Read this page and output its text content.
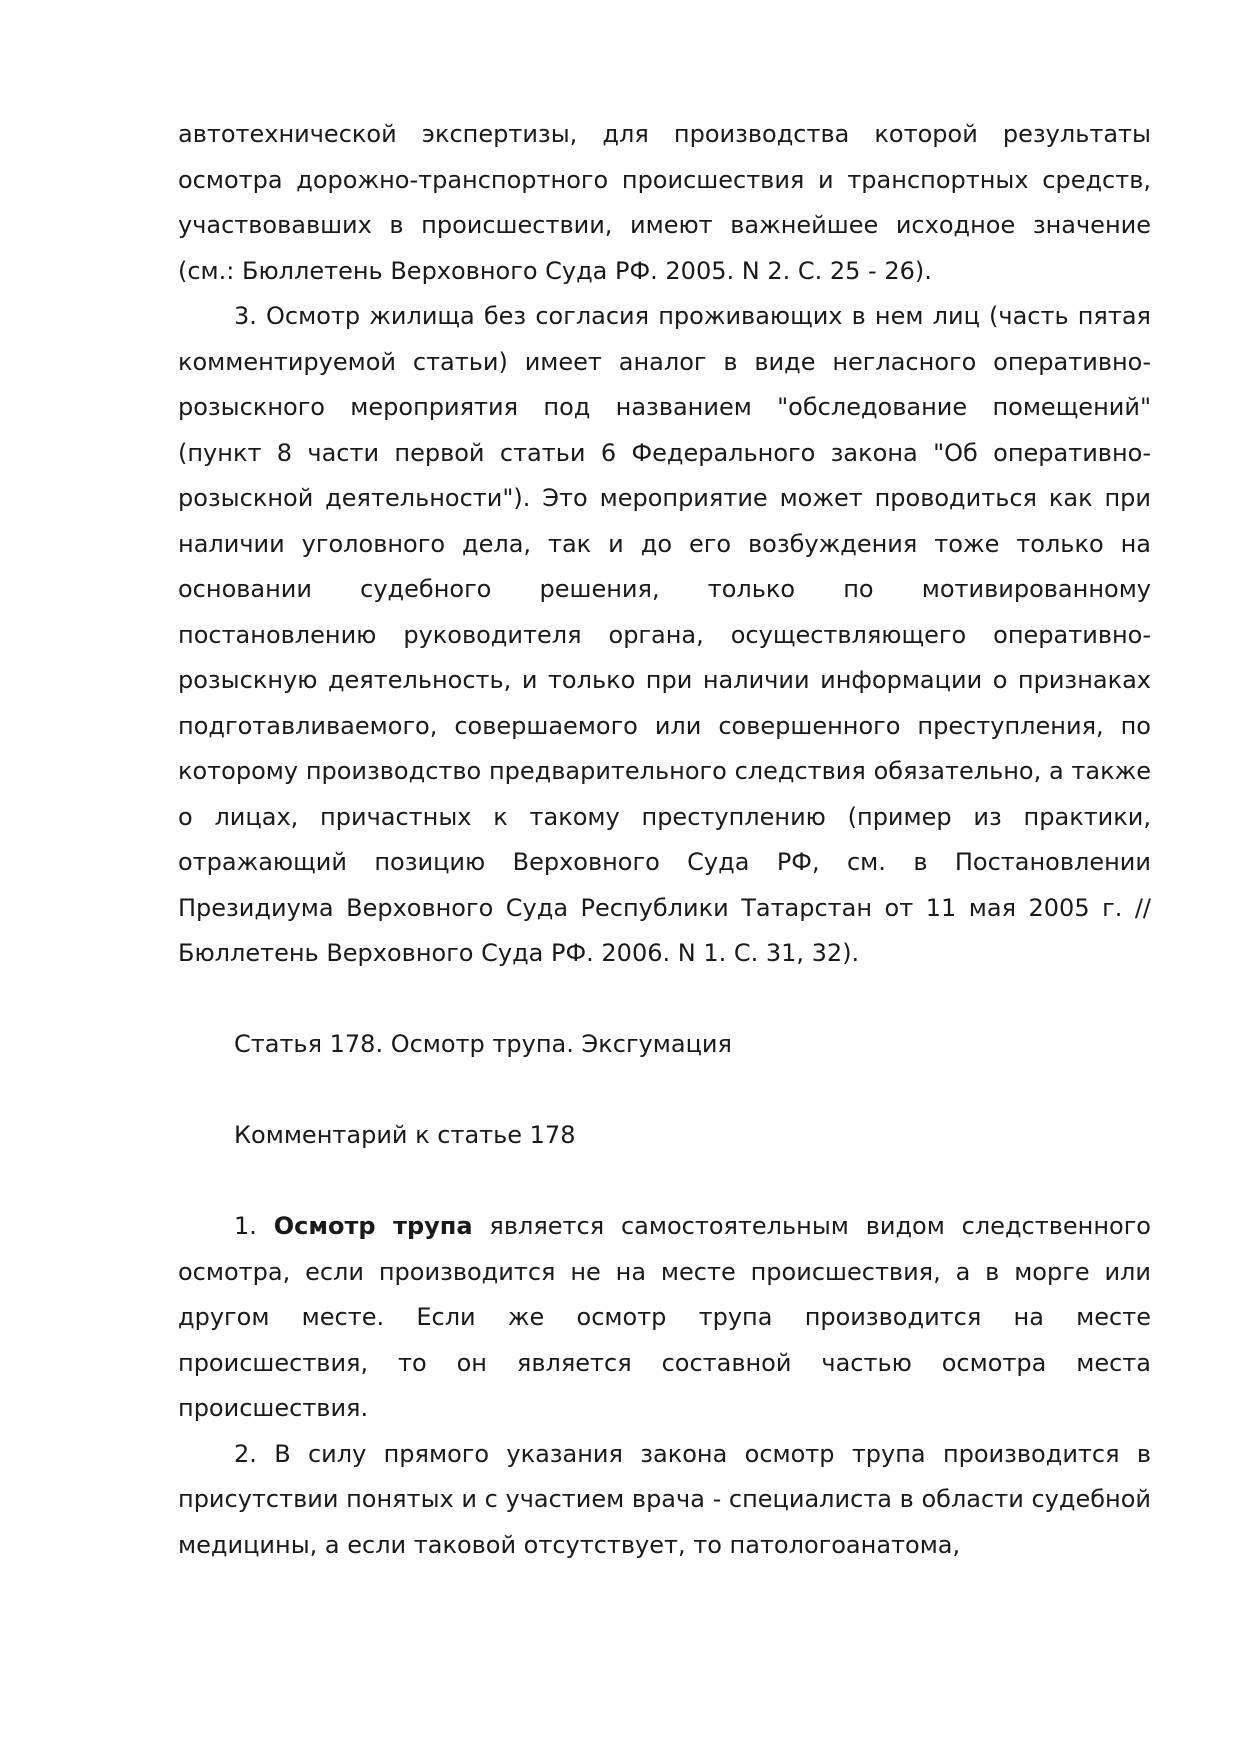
автотехнической экспертизы, для производства которой результаты осмотра дорожно-транспортного происшествия и транспортных средств, участвовавших в происшествии, имеют важнейшее исходное значение (см.: Бюллетень Верховного Суда РФ. 2005. N 2. С. 25 - 26).

3. Осмотр жилища без согласия проживающих в нем лиц (часть пятая комментируемой статьи) имеет аналог в виде негласного оперативно-розыскного мероприятия под названием "обследование помещений" (пункт 8 части первой статьи 6 Федерального закона "Об оперативно-розыскной деятельности"). Это мероприятие может проводиться как при наличии уголовного дела, так и до его возбуждения тоже только на основании судебного решения, только по мотивированному постановлению руководителя органа, осуществляющего оперативно-розыскную деятельность, и только при наличии информации о признаках подготавливаемого, совершаемого или совершенного преступления, по которому производство предварительного следствия обязательно, а также о лицах, причастных к такому преступлению (пример из практики, отражающий позицию Верховного Суда РФ, см. в Постановлении Президиума Верховного Суда Республики Татарстан от 11 мая 2005 г. // Бюллетень Верховного Суда РФ. 2006. N 1. С. 31, 32).

Статья 178. Осмотр трупа. Эксгумация

Комментарий к статье 178

1. Осмотр трупа является самостоятельным видом следственного осмотра, если производится не на месте происшествия, а в морге или другом месте. Если же осмотр трупа производится на месте происшествия, то он является составной частью осмотра места происшествия.

2. В силу прямого указания закона осмотр трупа производится в присутствии понятых и с участием врача - специалиста в области судебной медицины, а если таковой отсутствует, то патологоанатома,
